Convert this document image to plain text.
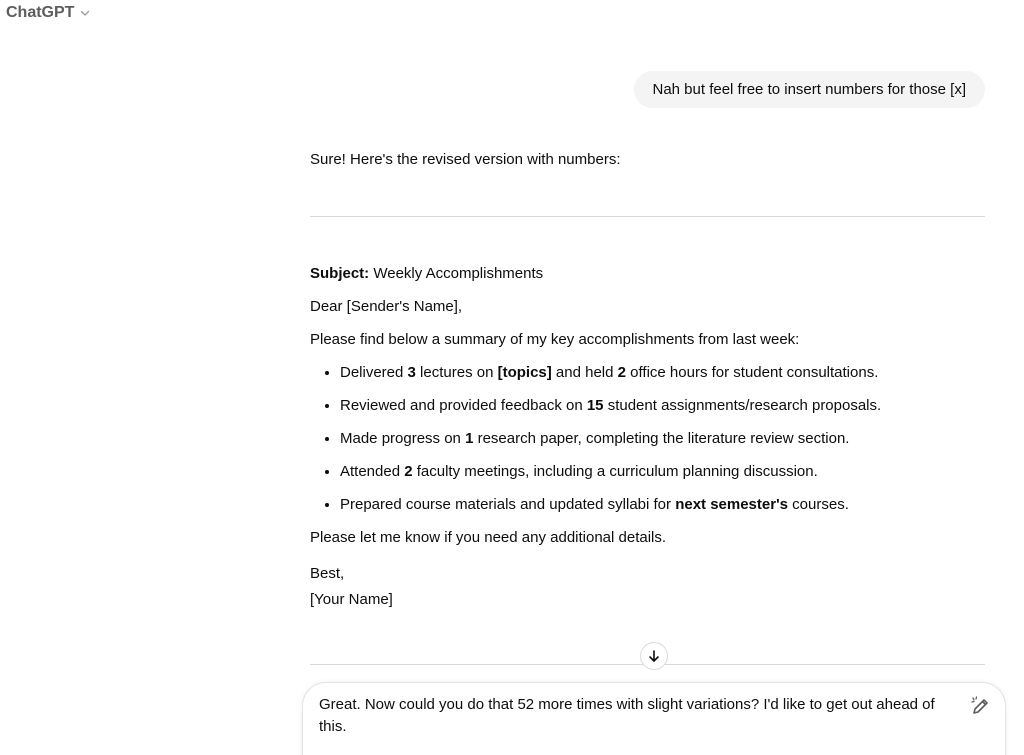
ChatGPT
Nah but feel free to insert numbers for those [x]
Sure! Here's the revised version with numbers:

Subject: Weekly Accomplishments

Dear [Sender's Name],

Please find below a summary of my key accomplishments from last week:

• Delivered 3 lectures on [topics] and held 2 office hours for student consultations.
• Reviewed and provided feedback on 15 student assignments/research proposals.
• Made progress on 1 research paper, completing the literature review section.
• Attended 2 faculty meetings, including a curriculum planning discussion.
• Prepared course materials and updated syllabi for next semester's courses.

Please let me know if you need any additional details.

Best,
[Your Name]
Great. Now could you do that 52 more times with slight variations? I'd like to get out ahead of this.
